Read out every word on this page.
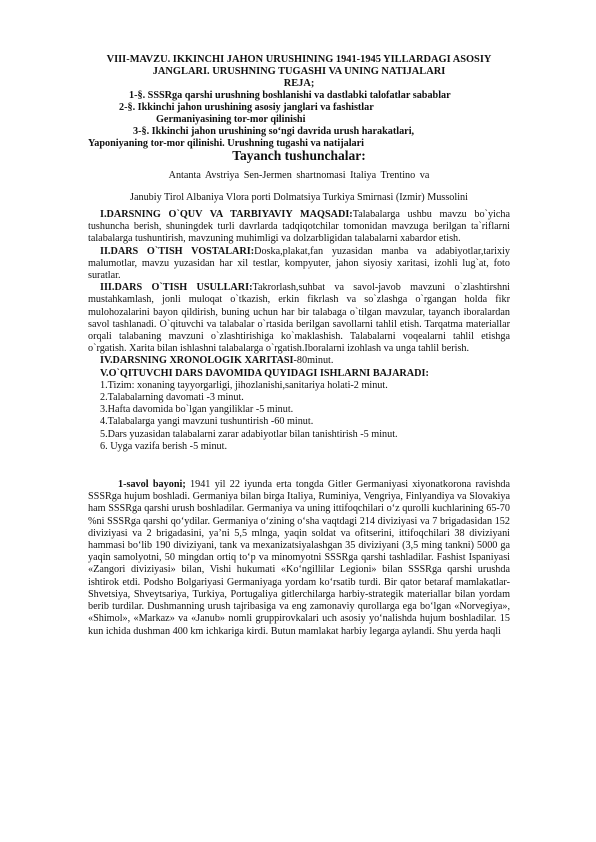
VIII-MAVZU. IKKINCHI JAHON URUSHINING 1941-1945 YILLARDAGI ASOSIY
JANGLARI. URUSHNING TUGASHI VA UNING NATIJALARI
REJA;
1-§. SSSRga qarshi urushning boshlanishi va dastlabki talofatlar sabablar
2-§. Ikkinchi jahon urushining asosiy janglari va fashistlar
Germaniyasining tor-mor qilinishi
3-§. Ikkinchi jahon urushining so‘ngi davrida urush harakatlari,
Yaponiyaning tor-mor qilinishi. Urushning tugashi va natijalari
Tayanch tushunchalar:
Antanta Avstriya Sen-Jermen shartnomasi Italiya Trentino va
Janubiy Tirol Albaniya Vlora porti Dolmatsiya Turkiya Smirnasi (Izmir) Mussolini

I.DARSNING O`QUV VA TARBIYAVIY MAQSADI:Talabalarga ushbu mavzu bo`yicha tushuncha berish, shuningdek turli davrlarda tadqiqotchilar tomonidan mavzuga berilgan ta`riflarni talabalarga tushuntirish, mavzuning muhimligi va dolzarbligidan talabalarni xabardor etish.

II.DARS O`TISH VOSTALARI:Doska,plakat,fan yuzasidan manba va adabiyotlar,tarixiy malumotlar, mavzu yuzasidan har xil testlar, kompyuter, jahon siyosiy xaritasi, izohli lug`at, foto suratlar.

III.DARS O`TISH USULLARI:Takrorlash,suhbat va savol-javob mavzuni o`zlashtirshni mustahkamlash, jonli muloqat o`tkazish, erkin fikrlash va so`zlashga o`rgangan holda fikr mulohozalarini bayon qildirish, buning uchun har bir talabaga o`tilgan mavzular, tayanch iboralardan savol tashlanadi. O`qituvchi va talabalar o`rtasida berilgan savollarni tahlil etish. Tarqatma materiallar orqali talabaning mavzuni o`zlashtirishiga ko`maklashish. Talabalarni voqealarni tahlil etishga o`rgatish. Xarita bilan ishlashni talabalarga o`rgatish.Iboralarni izohlash va unga tahlil berish.

IV.DARSNING XRONOLOGIK XARITASI-80minut.

V.O`QITUVCHI DARS DAVOMIDA QUYIDAGI ISHLARNI BAJARADI:

1.Tizim: xonaning tayyorgarligi, jihozlanishi,sanitariya holati-2 minut.
2.Talabalarning davomati -3 minut.
3.Hafta davomida bo`lgan yangiliklar -5 minut.
4.Talabalarga yangi mavzuni tushuntirish -60 minut.
5.Dars yuzasidan talabalarni zarar adabiyotlar bilan tanishtirish -5 minut.
6. Uyga vazifa berish -5 minut.

1-savol bayoni; 1941 yil 22 iyunda erta tongda Gitler Germaniyasi xiyonatkorona ravishda SSSRga hujum boshladi. Germaniya bilan birga Italiya, Ruminiya, Vengriya, Finlyandiya va Slovakiya ham SSSRga qarshi urush boshladilar. Germaniya va uning ittifoqchilari o‘z qurolli kuchlarining 65-70 %ni SSSRga qarshi qo‘ydilar. Germaniya o‘zining o‘sha vaqtdagi 214 diviziyasi va 7 brigadasidan 152 diviziyasi va 2 brigadasini, ya’ni 5,5 mlnga, yaqin soldat va ofitserini, ittifoqchilari 38 diviziyani hammasi bo‘lib 190 diviziyani, tank va mexanizatsiyalashgan 35 diviziyani (3,5 ming tankni) 5000 ga yaqin samolyotni, 50 mingdan ortiq to‘p va minomyotni SSSRga qarshi tashladilar. Fashist Ispaniyasi «Zangori diviziyasi» bilan, Vishi hukumati «Ko‘ngillilar Legioni» bilan SSSRga qarshi urushda ishtirok etdi. Podsho Bolgariyasi Germaniyaga yordam ko‘rsatib turdi. Bir qator betaraf mamlakatlar-Shvetsiya, Shveytsariya, Turkiya, Portugaliya gitlerchilarga harbiy-strategik materiallar bilan yordam berib turdilar. Dushmanning urush tajribasiga va eng zamonaviy qurollarga ega bo‘lgan «Norvegiya», «Shimol», «Markaz» va «Janub» nomli gruppirovkalari uch asosiy yo‘nalishda hujum boshladilar. 15 kun ichida dushman 400 km ichkariga kirdi. Butun mamlakat harbiy legarga aylandi. Shu yerda haqli
